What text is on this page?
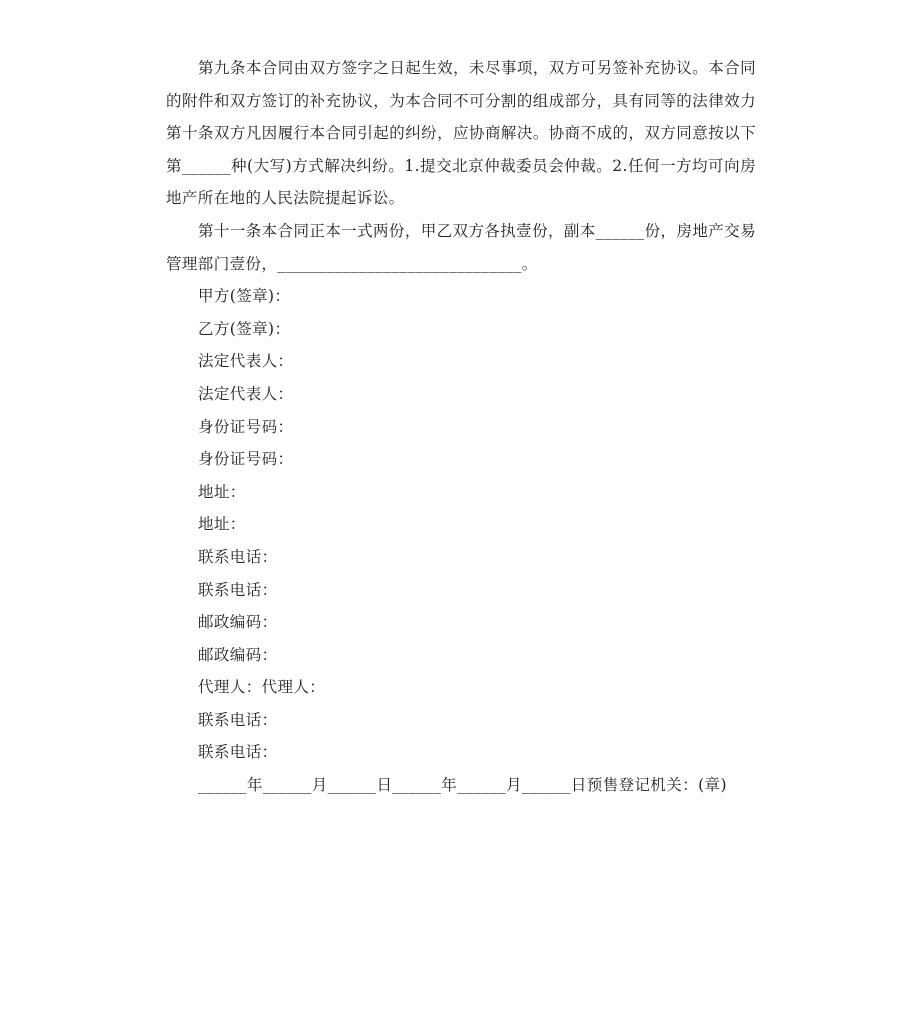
第九条本合同由双方签字之日起生效，未尽事项，双方可另签补充协议。本合同的附件和双方签订的补充协议，为本合同不可分割的组成部分，具有同等的法律效力第十条双方凡因履行本合同引起的纠纷，应协商解决。协商不成的，双方同意按以下第______种(大写)方式解决纠纷。1.提交北京仲裁委员会仲裁。2.任何一方均可向房地产所在地的人民法院提起诉讼。

第十一条本合同正本一式两份，甲乙双方各执壹份，副本______份，房地产交易管理部门壹份，______________________________。

甲方(签章)：

乙方(签章)：

法定代表人：

法定代表人：

身份证号码：

身份证号码：

地址：

地址：

联系电话：

联系电话：

邮政编码：

邮政编码：

代理人：代理人：

联系电话：

联系电话：

______年______月______日______年______月______日预售登记机关：(章)
